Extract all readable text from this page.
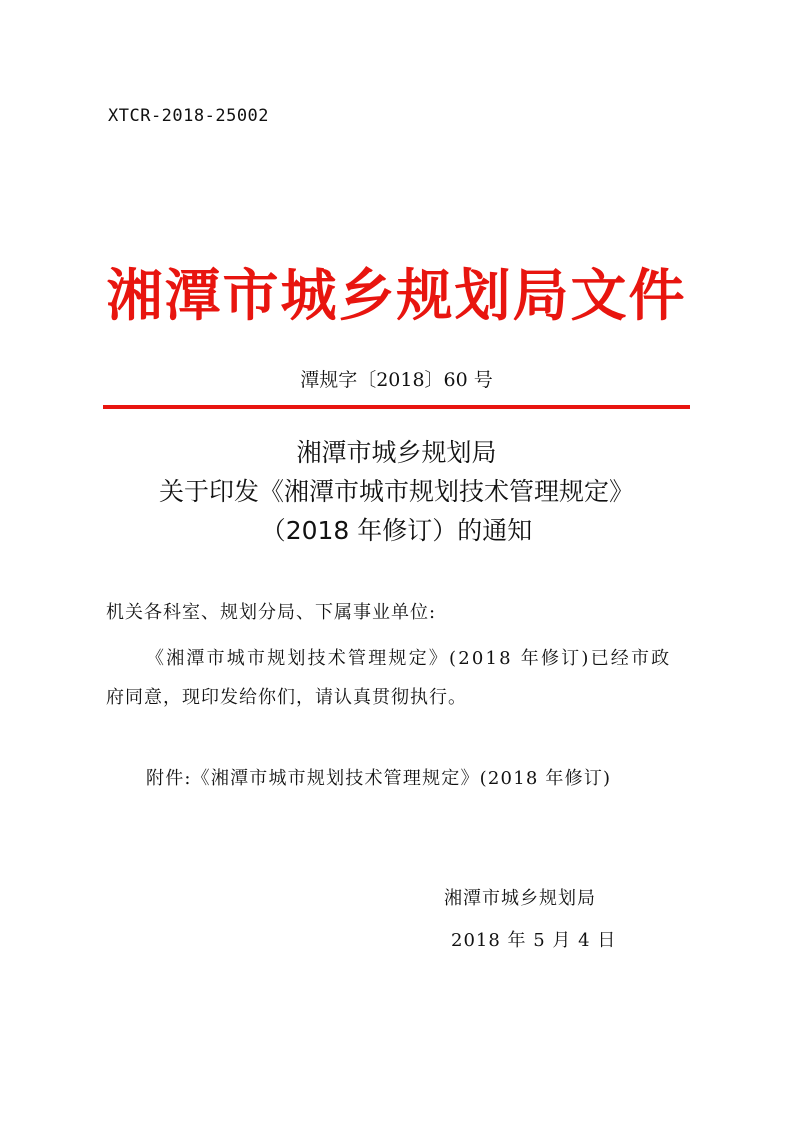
XTCR-2018-25002
湘潭市城乡规划局文件
潭规字〔2018〕60 号
湘潭市城乡规划局
关于印发《湘潭市城市规划技术管理规定》
（2018 年修订）的通知
机关各科室、规划分局、下属事业单位:
《湘潭市城市规划技术管理规定》(2018 年修订)已经市政
府同意，现印发给你们，请认真贯彻执行。
附件:《湘潭市城市规划技术管理规定》(2018 年修订)
湘潭市城乡规划局
2018 年 5 月 4 日
